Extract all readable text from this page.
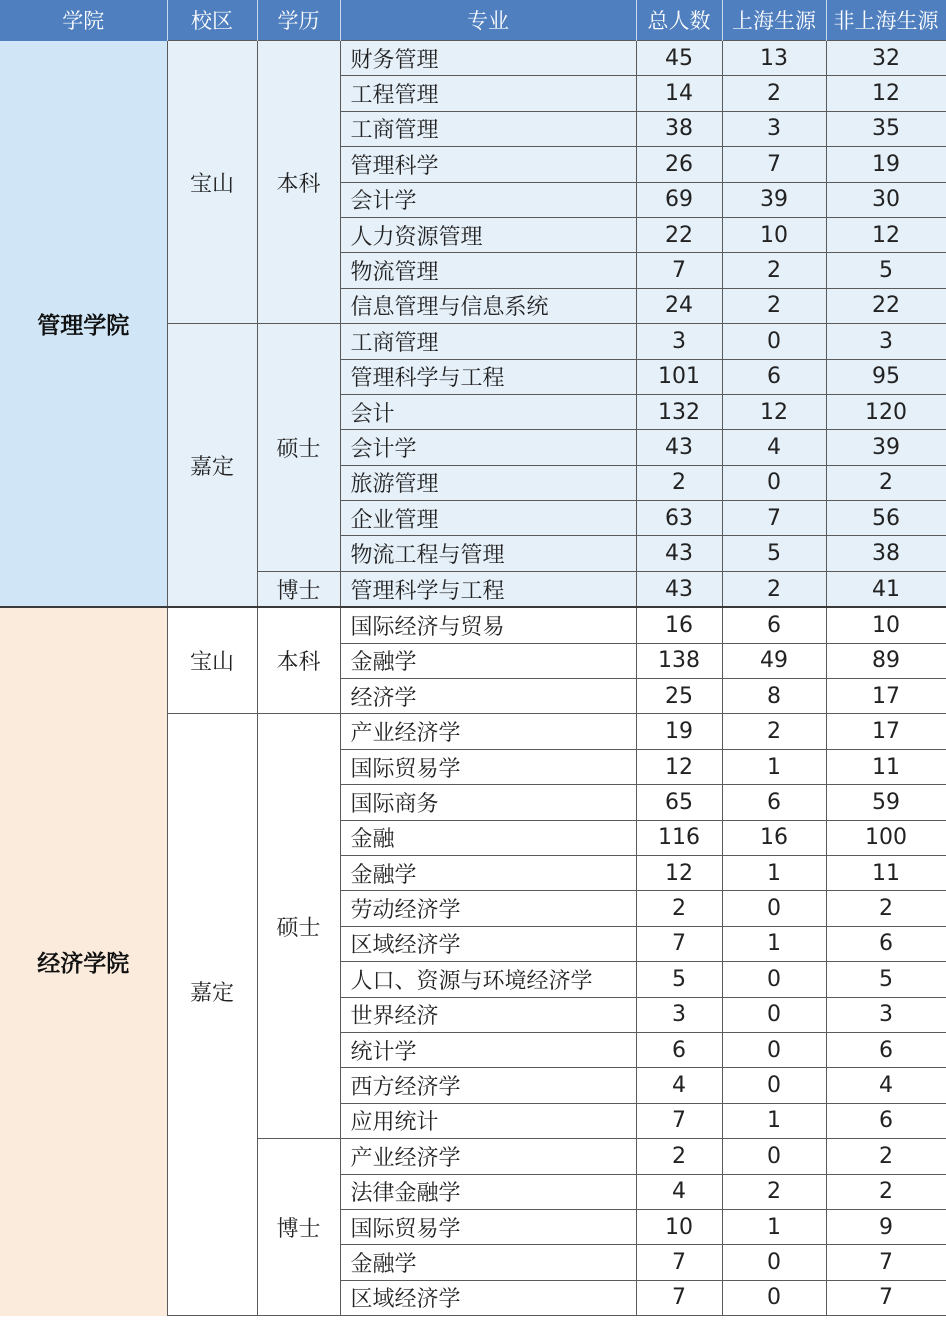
学院	校区	学历	专业	总人数	上海生源	非上海生源
管理学院	宝山	本科	财务管理	45	13	32
			工程管理	14	2	12
			工商管理	38	3	35
			管理科学	26	7	19
			会计学	69	39	30
			人力资源管理	22	10	12
			物流管理	7	2	5
			信息管理与信息系统	24	2	22
	嘉定	硕士	工商管理	3	0	3
			管理科学与工程	101	6	95
			会计	132	12	120
			会计学	43	4	39
			旅游管理	2	0	2
			企业管理	63	7	56
			物流工程与管理	43	5	38
		博士	管理科学与工程	43	2	41
经济学院	宝山	本科	国际经济与贸易	16	6	10
			金融学	138	49	89
			经济学	25	8	17
	嘉定	硕士	产业经济学	19	2	17
			国际贸易学	12	1	11
			国际商务	65	6	59
			金融	116	16	100
			金融学	12	1	11
			劳动经济学	2	0	2
			区域经济学	7	1	6
			人口、资源与环境经济学	5	0	5
			世界经济	3	0	3
			统计学	6	0	6
			西方经济学	4	0	4
			应用统计	7	1	6
		博士	产业经济学	2	0	2
			法律金融学	4	2	2
			国际贸易学	10	1	9
			金融学	7	0	7
			区域经济学	7	0	7
